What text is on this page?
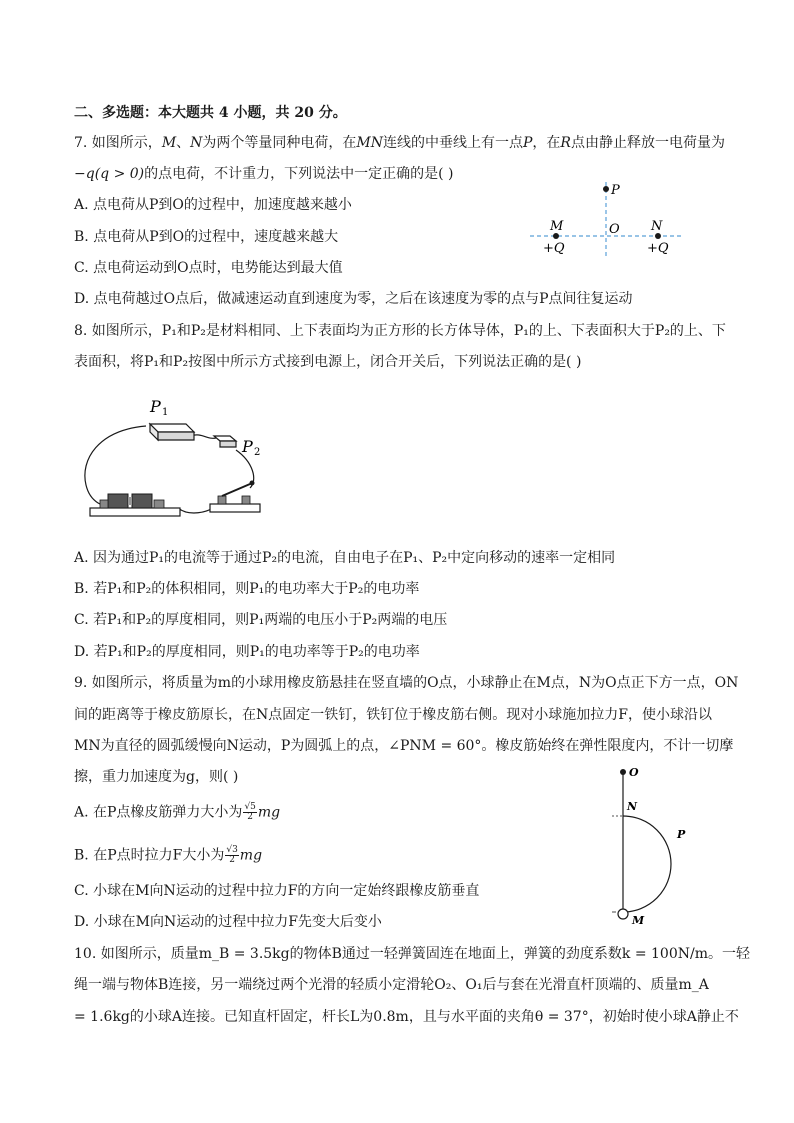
二、多选题：本大题共 4 小题，共 20 分。
7. 如图所示，M、N为两个等量同种电荷，在MN连线的中垂线上有一点P，在R点由静止释放一电荷量为
−q(q > 0)的点电荷，不计重力，下列说法中一定正确的是( )
A. 点电荷从P到O的过程中，加速度越来越小
B. 点电荷从P到O的过程中，速度越来越大
C. 点电荷运动到O点时，电势能达到最大值
D. 点电荷越过O点后，做减速运动直到速度为零，之后在该速度为零的点与P点间往复运动
P
M	N
O
+Q	+Q
8. 如图所示，P₁和P₂是材料相同、上下表面均为正方形的长方体导体，P₁的上、下表面积大于P₂的上、下
表面积，将P₁和P₂按图中所示方式接到电源上，闭合开关后，下列说法正确的是( )
P 1
P 2
A. 因为通过P₁的电流等于通过P₂的电流，自由电子在P₁、P₂中定向移动的速率一定相同
B. 若P₁和P₂的体积相同，则P₁的电功率大于P₂的电功率
C. 若P₁和P₂的厚度相同，则P₁两端的电压小于P₂两端的电压
D. 若P₁和P₂的厚度相同，则P₁的电功率等于P₂的电功率
9. 如图所示，将质量为m的小球用橡皮筋悬挂在竖直墙的O点，小球静止在M点，N为O点正下方一点，ON
间的距离等于橡皮筋原长，在N点固定一铁钉，铁钉位于橡皮筋右侧。现对小球施加拉力F，使小球沿以
MN为直径的圆弧缓慢向N运动，P为圆弧上的点，∠PNM = 60°。橡皮筋始终在弹性限度内，不计一切摩
擦，重力加速度为g，则( )
A. 在P点橡皮筋弹力大小为 $\frac{√5}{2}$ mg
B. 在P点时拉力F大小为 $\frac{√3}{2}$ mg
C. 小球在M向N运动的过程中拉力F的方向一定始终跟橡皮筋垂直
D. 小球在M向N运动的过程中拉力F先变大后变小
O
N
P
M
10. 如图所示，质量m_B = 3.5kg的物体B通过一轻弹簧固连在地面上，弹簧的劲度系数k = 100N/m。一轻
绳一端与物体B连接，另一端绕过两个光滑的轻质小定滑轮O₂、O₁后与套在光滑直杆顶端的、质量m_A
= 1.6kg的小球A连接。已知直杆固定，杆长L为0.8m，且与水平面的夹角θ = 37°，初始时使小球A静止不
